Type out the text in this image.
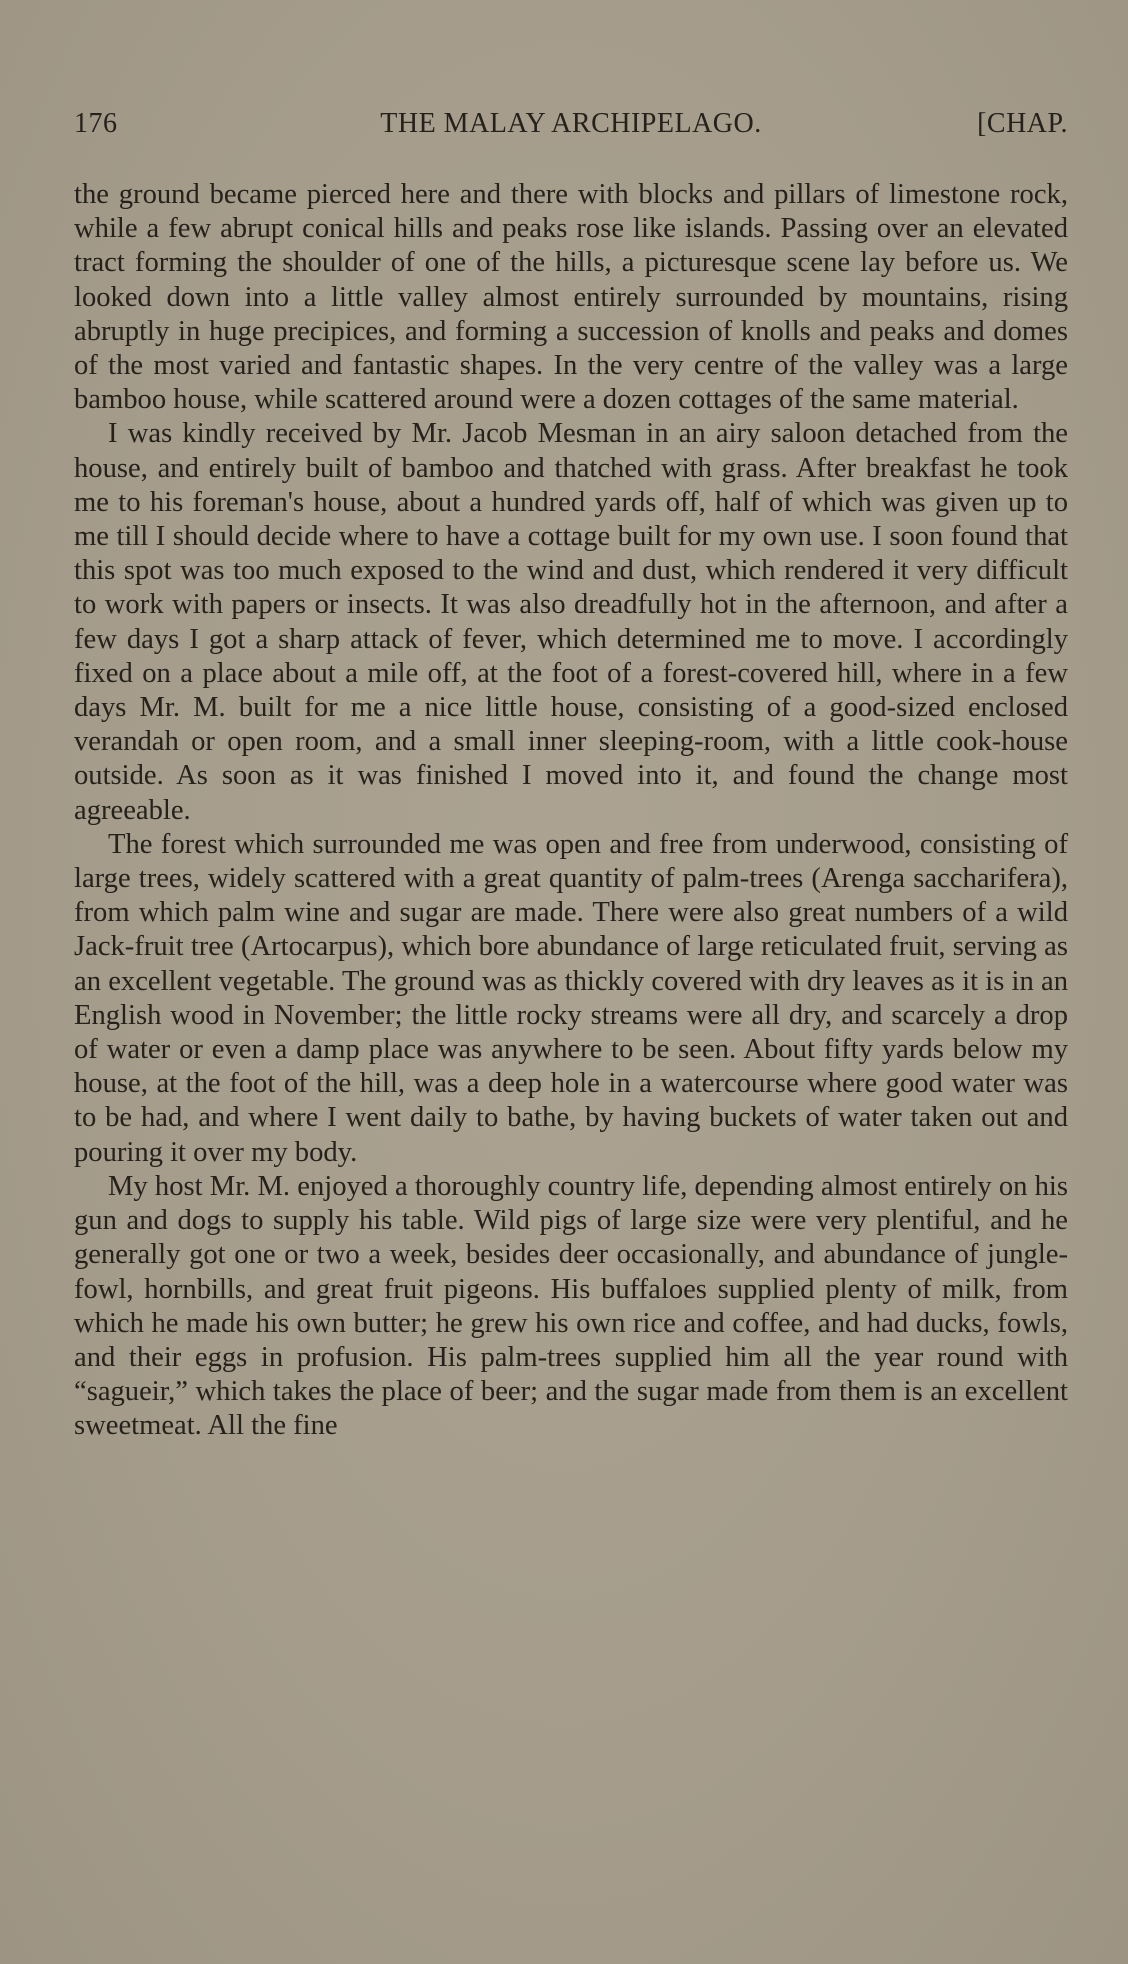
176	THE MALAY ARCHIPELAGO.	[CHAP.

the ground became pierced here and there with blocks and pillars of limestone rock, while a few abrupt conical hills and peaks rose like islands. Passing over an elevated tract forming the shoulder of one of the hills, a picturesque scene lay before us. We looked down into a little valley almost entirely surrounded by mountains, rising abruptly in huge precipices, and forming a succession of knolls and peaks and domes of the most varied and fantastic shapes. In the very centre of the valley was a large bamboo house, while scattered around were a dozen cottages of the same material.

I was kindly received by Mr. Jacob Mesman in an airy saloon detached from the house, and entirely built of bamboo and thatched with grass. After breakfast he took me to his foreman's house, about a hundred yards off, half of which was given up to me till I should decide where to have a cottage built for my own use. I soon found that this spot was too much exposed to the wind and dust, which rendered it very difficult to work with papers or insects. It was also dreadfully hot in the afternoon, and after a few days I got a sharp attack of fever, which determined me to move. I accordingly fixed on a place about a mile off, at the foot of a forest-covered hill, where in a few days Mr. M. built for me a nice little house, consisting of a good-sized enclosed verandah or open room, and a small inner sleeping-room, with a little cook-house outside. As soon as it was finished I moved into it, and found the change most agreeable.

The forest which surrounded me was open and free from underwood, consisting of large trees, widely scattered with a great quantity of palm-trees (Arenga saccharifera), from which palm wine and sugar are made. There were also great numbers of a wild Jack-fruit tree (Artocarpus), which bore abundance of large reticulated fruit, serving as an excellent vegetable. The ground was as thickly covered with dry leaves as it is in an English wood in November; the little rocky streams were all dry, and scarcely a drop of water or even a damp place was anywhere to be seen. About fifty yards below my house, at the foot of the hill, was a deep hole in a watercourse where good water was to be had, and where I went daily to bathe, by having buckets of water taken out and pouring it over my body.

My host Mr. M. enjoyed a thoroughly country life, depending almost entirely on his gun and dogs to supply his table. Wild pigs of large size were very plentiful, and he generally got one or two a week, besides deer occasionally, and abundance of jungle-fowl, hornbills, and great fruit pigeons. His buffaloes supplied plenty of milk, from which he made his own butter; he grew his own rice and coffee, and had ducks, fowls, and their eggs in profusion. His palm-trees supplied him all the year round with “sagueir,” which takes the place of beer; and the sugar made from them is an excellent sweetmeat. All the fine
